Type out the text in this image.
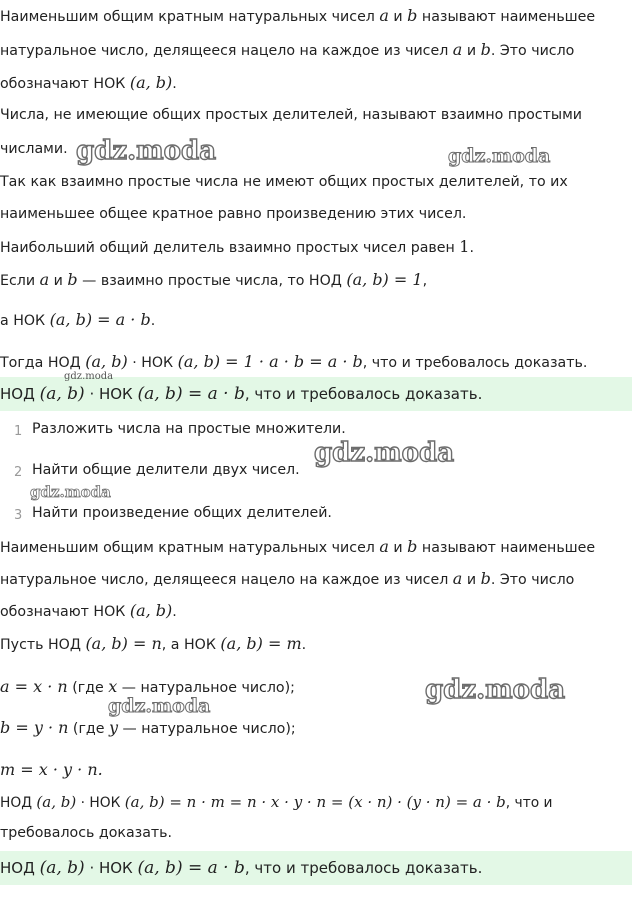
Наименьшим общим кратным натуральных чисел a и b называют наименьшее
натуральное число, делящееся нацело на каждое из чисел a и b. Это число
обозначают НОК (a, b).
Числа, не имеющие общих простых делителей, называют взаимно простыми
числами.
Так как взаимно простые числа не имеют общих простых делителей, то их
наименьшее общее кратное равно произведению этих чисел.
Наибольший общий делитель взаимно простых чисел равен 1.
Если a и b — взаимно простые числа, то НОД (a, b) = 1,
а НОК (a, b) = a · b.
Тогда НОД (a, b) · НОК (a, b) = 1 · a · b = a · b, что и требовалось доказать.
НОД (a, b) · НОК (a, b) = a · b, что и требовалось доказать.
1 Разложить числа на простые множители.
2 Найти общие делители двух чисел.
3 Найти произведение общих делителей.
Наименьшим общим кратным натуральных чисел a и b называют наименьшее
натуральное число, делящееся нацело на каждое из чисел a и b. Это число
обозначают НОК (a, b).
Пусть НОД (a, b) = n, а НОК (a, b) = m.
a = x · n (где x — натуральное число);
b = y · n (где y — натуральное число);
m = x · y · n.
НОД (a, b) · НОК (a, b) = n · m = n · x · y · n = (x · n) · (y · n) = a · b, что и
требовалось доказать.
НОД (a, b) · НОК (a, b) = a · b, что и требовалось доказать.
gdz.moda	gdz.moda
gdz.moda
gdz.moda
gdz.moda
gdz.moda
gdz.moda
